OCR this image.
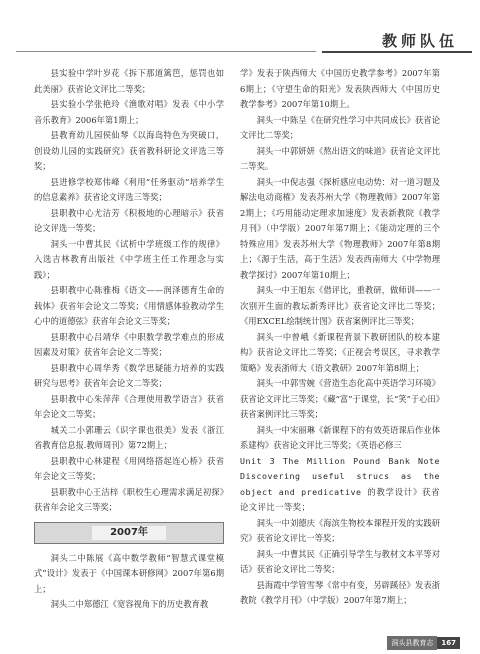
教师队伍

县实验中学叶岁花《拆下那道篱笆，惩罚也如此美丽》获省论文评比二等奖；

县实验小学张艳玲《渔歌对唱》发表《中小学音乐教育》2006年第1期上；

县教育幼儿园侯仙琴《以海岛特色为突破口，创设幼儿园的实践研究》获省教科研论文评选三等奖；

县进修学校郑伟峰《利用“任务驱动”培养学生的信息素养》获省论文评选三等奖；

县职教中心尤洁芳《积极地的心理暗示》获省论文评选一等奖；

洞头一中曹其民《试析中学班级工作的规律》入选吉林教育出版社《中学班主任工作理念与实践》；

县职教中心陈雅梅《语文——润泽德育生命的载体》获省年会论文二等奖；《用情感体验教动学生心中的道德弦》获省年会论文三等奖；

县职教中心吕靖华《中职数学教学难点的形成因素及对策》获省年会论文二等奖；

县职教中心周华秀《数学思疑能力培养的实践研究与思考》获省年会论文二等奖；

县职教中心朱萍萍《合理使用教学语言》获省年会论文二等奖；

城关二小郭珊云《识字课也很美》发表《浙江省教育信息报.教师周刊》第72期上；

县职教中心林建程《用网络搭起连心桥》获省年会论文三等奖；

县职教中心王洁梓《职校生心理需求满足初探》获省年会论文三等奖；

2007年

洞头二中陈展《高中数学教师“智慧式课堂模式”设计》发表于《中国课本研修网》2007年第6期上；

洞头二中郑德江《宽容视角下的历史教育教

学》发表于陕西师大《中国历史教学参考》2007年第6期上；《守望生命的阳光》发表陕西师大《中国历史教学参考》2007年第10期上。

洞头一中陈呈《在研究性学习中共同成长》获省论文评比二等奖；

洞头一中郭妍妍《熬出语文的味道》获省论文评比二等奖。

洞头一中倪志强《探析感应电动势：对一道习题及解法电动商榷》发表苏州大学《物理教师》2007年第2期上；《巧用能动定理求加速度》发表新教院《教学月刊》（中学版）2007年第7期上；《能动定理的三个特殊应用》发表苏州大学《物理教师》2007年第8期上；《源于生活，高于生活》发表西南师大《中学物理教学探讨》2007年第10期上；

洞头一中王旭东《借评比，重教研，做师训——一次别开生面的教坛新秀评比》获省论文评比二等奖；《用EXCEL绘制统计图》获省案例评比三等奖；

洞头一中曾峨《新课程背景下教研团队的校本建构》获省论文评比二等奖；《正视会考误区，寻求教学策略》发表浙师大《语文教研》2007年第8期上；

洞头一中郭雪婉《营造生态化高中英语学习环境》获省论文评比三等奖；《藏“富”于课堂，长“笑”于心田》获省案例评比三等奖；

洞头一中宋丽琳《新课程下的有效英语课后作业体系建构》获省论文评比三等奖；《英语必修三

Unit 3 The Million Pound Bank Note Discovering useful strucs as the object and predicative 的教学设计》获省论文评比一等奖；

洞头一中刘德庆《海滨生物校本课程开发的实践研究》获省论文评比一等奖；

洞头一中曹其民《正确引导学生与教材文本平等对话》获省论文评比二等奖；

县海霞中学管雪琴《常中有变，另辟蹊径》发表浙教院《教学月刊》（中学版）2007年第7期上；

洞头县教育志	167
